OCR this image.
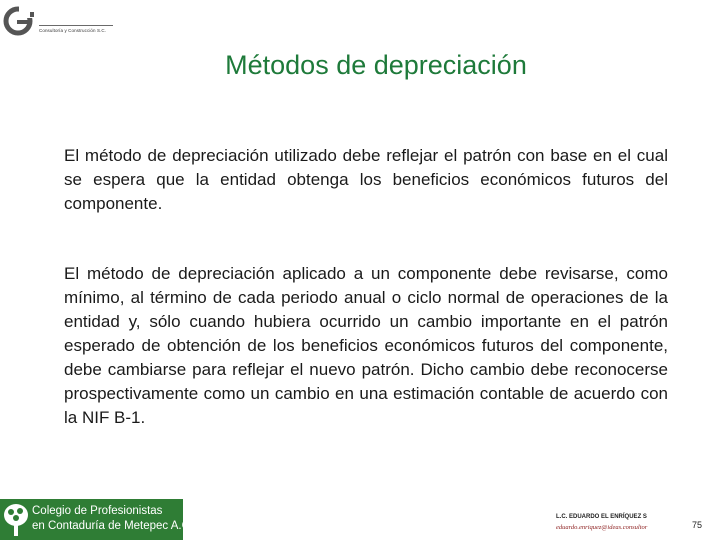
Consultoría y Construcción S.C.
Métodos de depreciación

El método de depreciación utilizado debe reflejar el patrón con base en el cual se espera que la entidad obtenga los beneficios económicos futuros del componente.

El método de depreciación aplicado a un componente debe revisarse, como mínimo, al término de cada periodo anual o ciclo normal de operaciones de la entidad y, sólo cuando hubiera ocurrido un cambio importante en el patrón esperado de obtención de los beneficios económicos futuros del componente, debe cambiarse para reflejar el nuevo patrón. Dicho cambio debe reconocerse prospectivamente como un cambio en una estimación contable de acuerdo con la NIF B-1.

Colegio de Profesionistas
en Contaduría de Metepec A.C.
L.C. EDUARDO EL ENRÍQUEZ S
eduardo.enriquez@ideas.consultor	75
